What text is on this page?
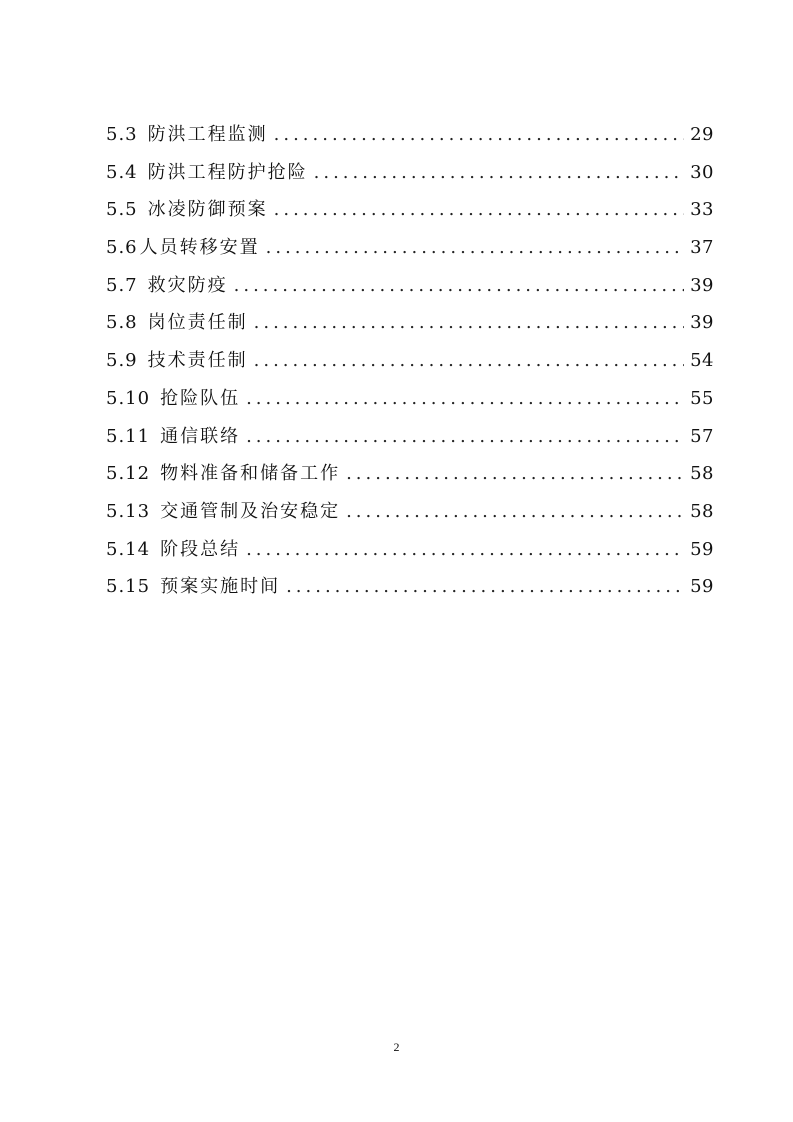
5.3 防洪工程监测 .....	29
5.4 防洪工程防护抢险 .....	30
5.5 冰凌防御预案 .....	33
5.6 人员转移安置 .....	37
5.7 救灾防疫 .....	39
5.8 岗位责任制 .....	39
5.9 技术责任制 .....	54
5.10 抢险队伍 .....	55
5.11 通信联络 .....	57
5.12 物料准备和储备工作 .....	58
5.13 交通管制及治安稳定 .....	58
5.14 阶段总结 .....	59
5.15 预案实施时间 .....	59
2
